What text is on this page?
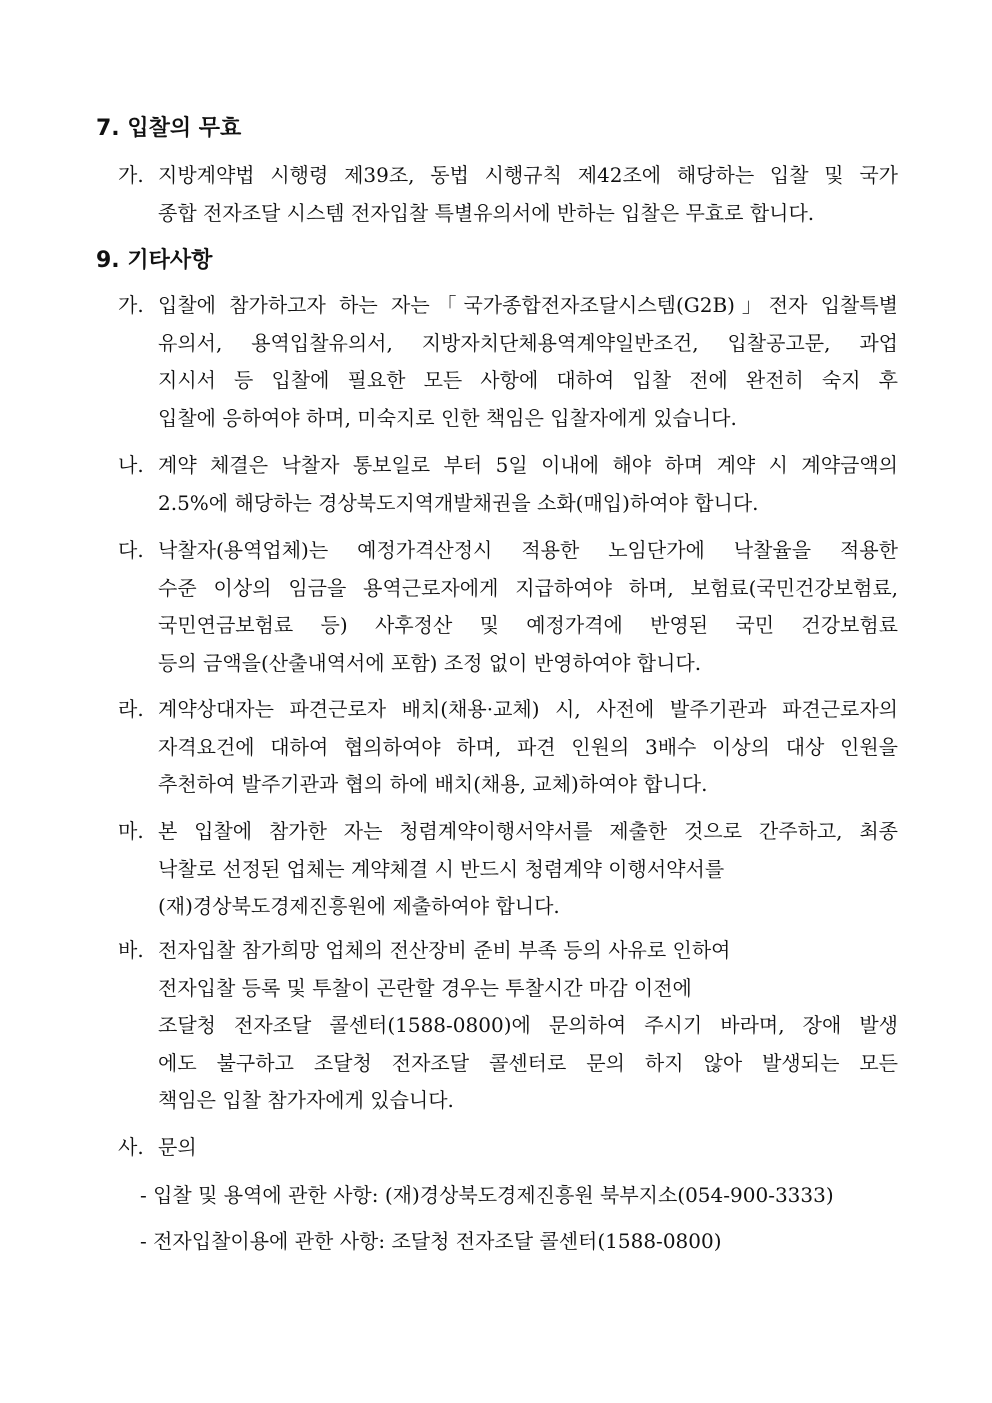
7. 입찰의 무효
가. 지방계약법 시행령 제39조, 동법 시행규칙 제42조에 해당하는 입찰 및 국가
종합 전자조달 시스템 전자입찰 특별유의서에 반하는 입찰은 무효로 합니다.
9. 기타사항
가. 입찰에 참가하고자 하는 자는「국가종합전자조달시스템(G2B)」전자 입찰특별
유의서, 용역입찰유의서, 지방자치단체용역계약일반조건, 입찰공고문, 과업
지시서 등 입찰에 필요한 모든 사항에 대하여 입찰 전에 완전히 숙지 후
입찰에 응하여야 하며, 미숙지로 인한 책임은 입찰자에게 있습니다.
나. 계약 체결은 낙찰자 통보일로 부터 5일 이내에 해야 하며 계약 시 계약금액의
2.5%에 해당하는 경상북도지역개발채권을 소화(매입)하여야 합니다.
다. 낙찰자(용역업체)는 예정가격산정시 적용한 노임단가에 낙찰율을 적용한
수준 이상의 임금을 용역근로자에게 지급하여야 하며, 보험료(국민건강보험료,
국민연금보험료 등) 사후정산 및 예정가격에 반영된 국민 건강보험료
등의 금액을(산출내역서에 포함) 조정 없이 반영하여야 합니다.
라. 계약상대자는 파견근로자 배치(채용·교체) 시, 사전에 발주기관과 파견근로자의
자격요건에 대하여 협의하여야 하며, 파견 인원의 3배수 이상의 대상 인원을
추천하여 발주기관과 협의 하에 배치(채용, 교체)하여야 합니다.
마. 본 입찰에 참가한 자는 청렴계약이행서약서를 제출한 것으로 간주하고, 최종
낙찰로 선정된 업체는 계약체결 시 반드시 청렴계약 이행서약서를
(재)경상북도경제진흥원에 제출하여야 합니다.
바. 전자입찰 참가희망 업체의 전산장비 준비 부족 등의 사유로 인하여
전자입찰 등록 및 투찰이 곤란할 경우는 투찰시간 마감 이전에
조달청 전자조달 콜센터(1588-0800)에 문의하여 주시기 바라며, 장애 발생
에도 불구하고 조달청 전자조달 콜센터로 문의 하지 않아 발생되는 모든
책임은 입찰 참가자에게 있습니다.
사. 문의
- 입찰 및 용역에 관한 사항: (재)경상북도경제진흥원 북부지소(054-900-3333)
- 전자입찰이용에 관한 사항: 조달청 전자조달 콜센터(1588-0800)
